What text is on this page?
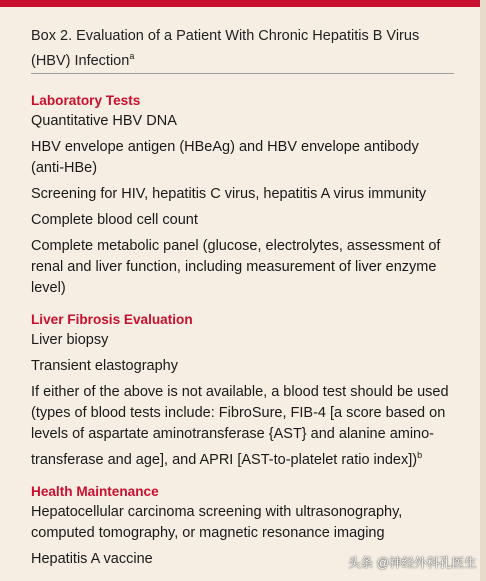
Box 2. Evaluation of a Patient With Chronic Hepatitis B Virus (HBV) Infection$^a$
Laboratory Tests
Quantitative HBV DNA
HBV envelope antigen (HBeAg) and HBV envelope antibody (anti-HBe)
Screening for HIV, hepatitis C virus, hepatitis A virus immunity
Complete blood cell count
Complete metabolic panel (glucose, electrolytes, assessment of renal and liver function, including measurement of liver enzyme level)
Liver Fibrosis Evaluation
Liver biopsy
Transient elastography
If either of the above is not available, a blood test should be used (types of blood tests include: FibroSure, FIB-4 [a score based on levels of aspartate aminotransferase {AST} and alanine amino-transferase and age], and APRI [AST-to-platelet ratio index])$^b$
Health Maintenance
Hepatocellular carcinoma screening with ultrasonography, computed tomography, or magnetic resonance imaging
Hepatitis A vaccine	头条 @神经外科孔医生
